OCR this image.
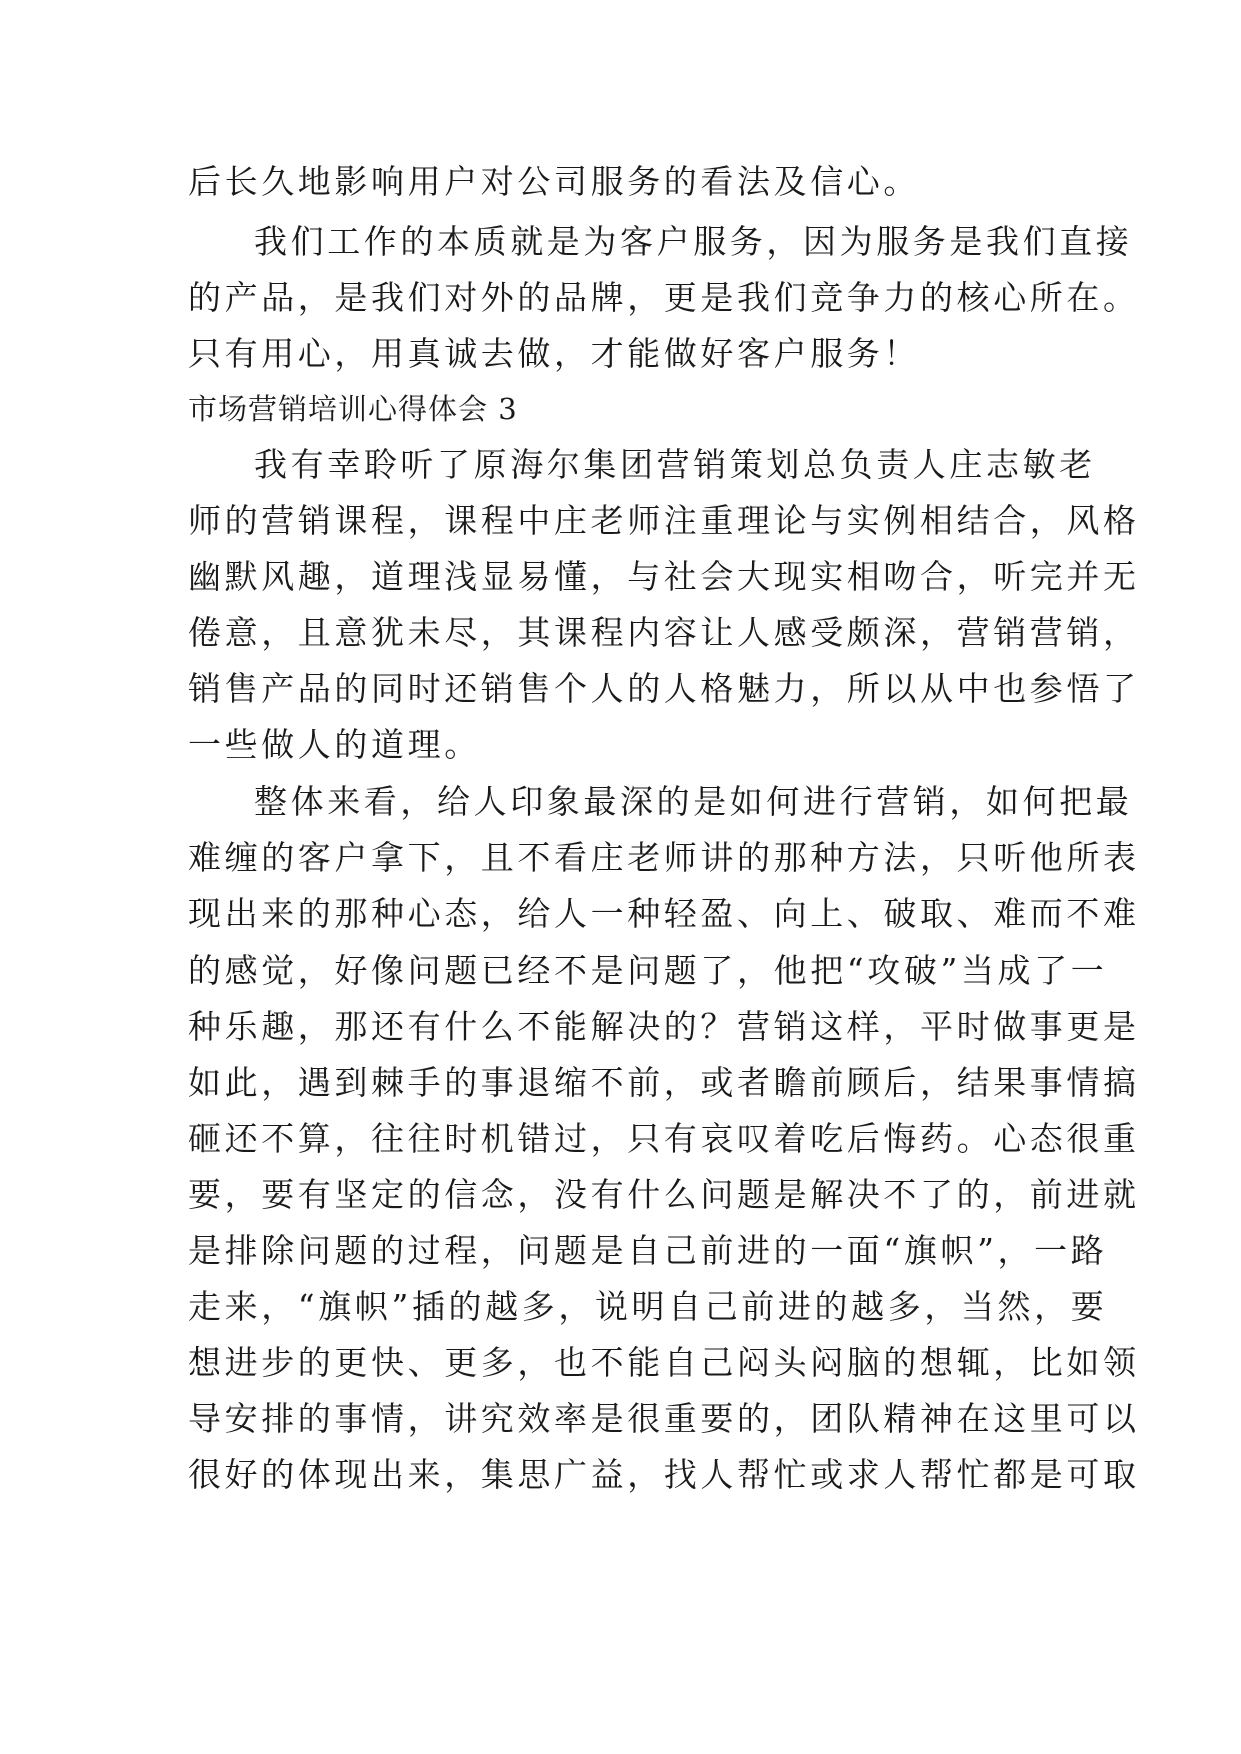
后长久地影响用户对公司服务的看法及信心。
我们工作的本质就是为客户服务，因为服务是我们直接
的产品，是我们对外的品牌，更是我们竞争力的核心所在。
只有用心，用真诚去做，才能做好客户服务！
市场营销培训心得体会 3
我有幸聆听了原海尔集团营销策划总负责人庄志敏老
师的营销课程，课程中庄老师注重理论与实例相结合，风格
幽默风趣，道理浅显易懂，与社会大现实相吻合，听完并无
倦意，且意犹未尽，其课程内容让人感受颇深，营销营销，
销售产品的同时还销售个人的人格魅力，所以从中也参悟了
一些做人的道理。
整体来看，给人印象最深的是如何进行营销，如何把最
难缠的客户拿下，且不看庄老师讲的那种方法，只听他所表
现出来的那种心态，给人一种轻盈、向上、破取、难而不难
的感觉，好像问题已经不是问题了，他把“攻破”当成了一
种乐趣，那还有什么不能解决的？营销这样，平时做事更是
如此，遇到棘手的事退缩不前，或者瞻前顾后，结果事情搞
砸还不算，往往时机错过，只有哀叹着吃后悔药。心态很重
要，要有坚定的信念，没有什么问题是解决不了的，前进就
是排除问题的过程，问题是自己前进的一面“旗帜”，一路
走来，“旗帜”插的越多，说明自己前进的越多，当然，要
想进步的更快、更多，也不能自己闷头闷脑的想辄，比如领
导安排的事情，讲究效率是很重要的，团队精神在这里可以
很好的体现出来，集思广益，找人帮忙或求人帮忙都是可取
